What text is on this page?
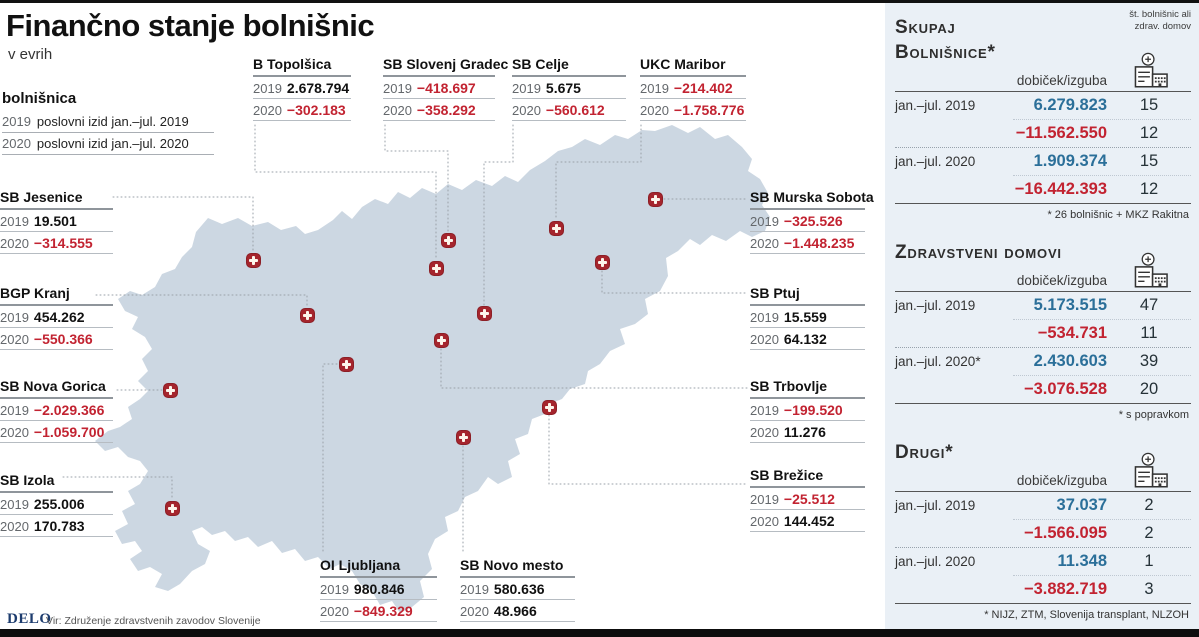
Finančno stanje bolnišnic
v evrih
bolnišnica
2019 poslovni izid jan.–jul. 2019
2020 poslovni izid jan.–jul. 2020
B Topolšica
2019 2.678.794
2020 −302.183
SB Slovenj Gradec
2019 −418.697
2020 −358.292
SB Celje
2019 5.675
2020 −560.612
UKC Maribor
2019 −214.402
2020 −1.758.776
SB Jesenice
2019 19.501
2020 −314.555
BGP Kranj
2019 454.262
2020 −550.366
SB Nova Gorica
2019 −2.029.366
2020 −1.059.700
SB Izola
2019 255.006
2020 170.783
SB Murska Sobota
2019 −325.526
2020 −1.448.235
SB Ptuj
2019 15.559
2020 64.132
SB Trbovlje
2019 −199.520
2020 11.276
SB Brežice
2019 −25.512
2020 144.452
OI Ljubljana
2019 980.846
2020 −849.329
SB Novo mesto
2019 580.636
2020 48.966
št. bolnišnic ali
zdrav. domov
Skupaj
Bolnišnice*
dobiček/izguba
jan.–jul. 2019	6.279.823	15
−11.562.550	12
jan.–jul. 2020	1.909.374	15
−16.442.393	12
* 26 bolnišnic + MKZ Rakitna
Zdravstveni domovi
dobiček/izguba
jan.–jul. 2019	5.173.515	47
−534.731	11
jan.–jul. 2020*	2.430.603	39
−3.076.528	20
* s popravkom
Drugi*
dobiček/izguba
jan.–jul. 2019	37.037	2
−1.566.095	2
jan.–jul. 2020	11.348	1
−3.882.719	3
* NIJZ, ZTM, Slovenija transplant, NLZOH
DELO
Vir: Združenje zdravstvenih zavodov Slovenije
